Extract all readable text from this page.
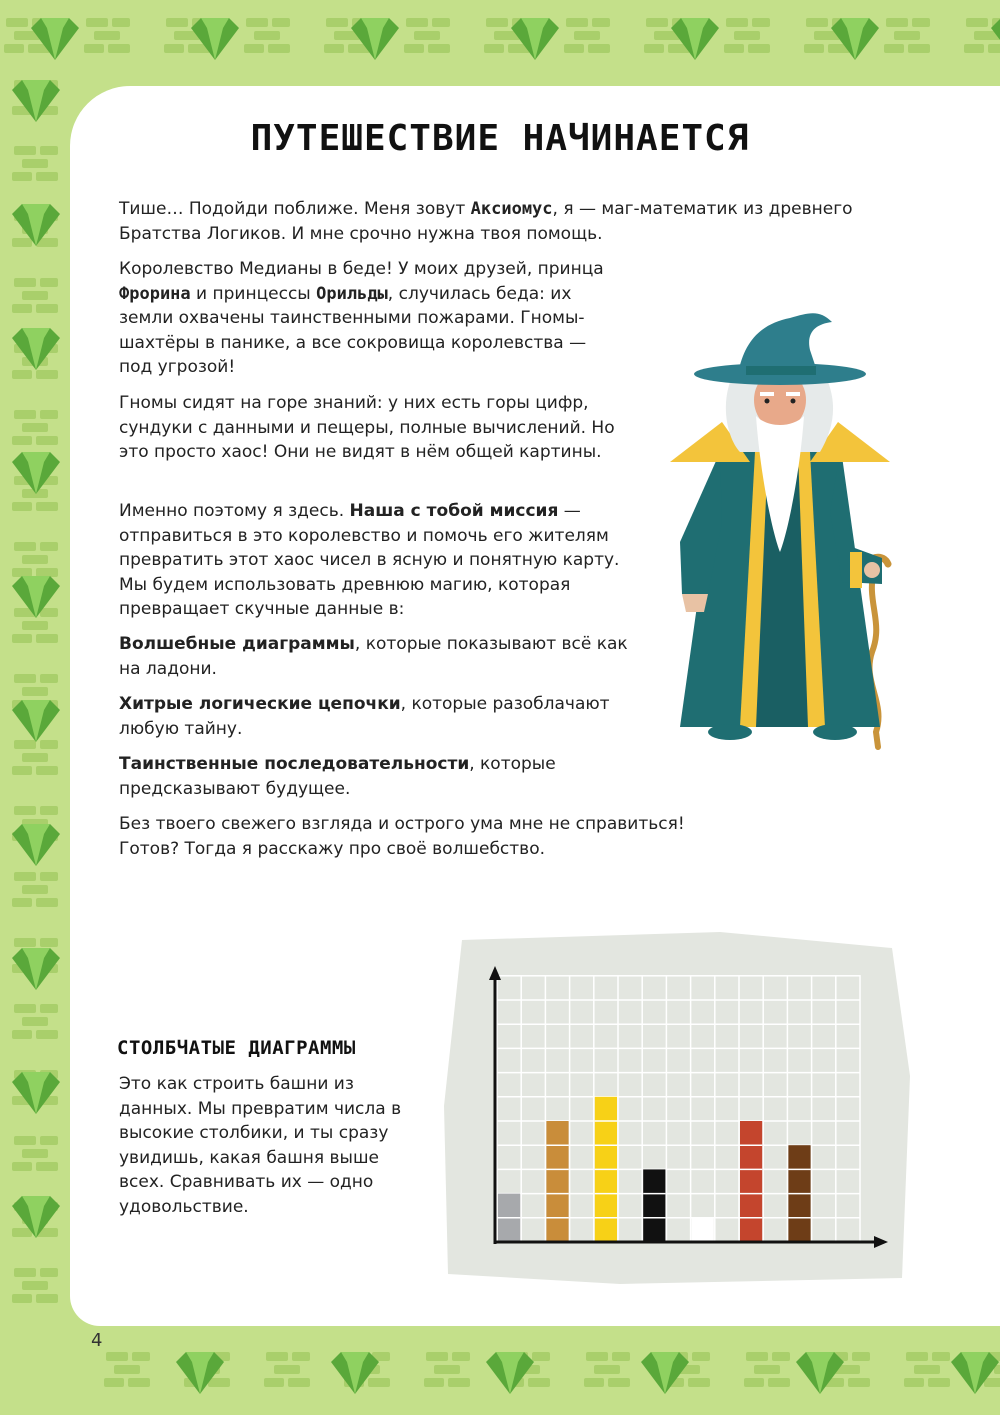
ПУТЕШЕСТВИЕ НАЧИНАЕТСЯ

Тише… Подойди поближе. Меня зовут Аксиомус, я — маг-математик из древнего Братства Логиков. И мне срочно нужна твоя помощь.

Королевство Медианы в беде! У моих друзей, принца Фрорина и принцессы Орильды, случилась беда: их земли охвачены таинственными пожарами. Гномы-шахтёры в панике, а все сокровища королевства — под угрозой!

Гномы сидят на горе знаний: у них есть горы цифр, сундуки с данными и пещеры, полные вычислений. Но это просто хаос! Они не видят в нём общей картины.

Именно поэтому я здесь. Наша с тобой миссия — отправиться в это королевство и помочь его жителям превратить этот хаос чисел в ясную и понятную карту. Мы будем использовать древнюю магию, которая превращает скучные данные в:

Волшебные диаграммы, которые показывают всё как на ладони.

Хитрые логические цепочки, которые разоблачают любую тайну.

Таинственные последовательности, которые предсказывают будущее.

Без твоего свежего взгляда и острого ума мне не справиться! Готов? Тогда я расскажу про своё волшебство.

СТОЛБЧАТЫЕ ДИАГРАММЫ

Это как строить башни из данных. Мы превратим числа в высокие столбики, и ты сразу увидишь, какая башня выше всех. Сравнивать их — одно удовольствие.

4
